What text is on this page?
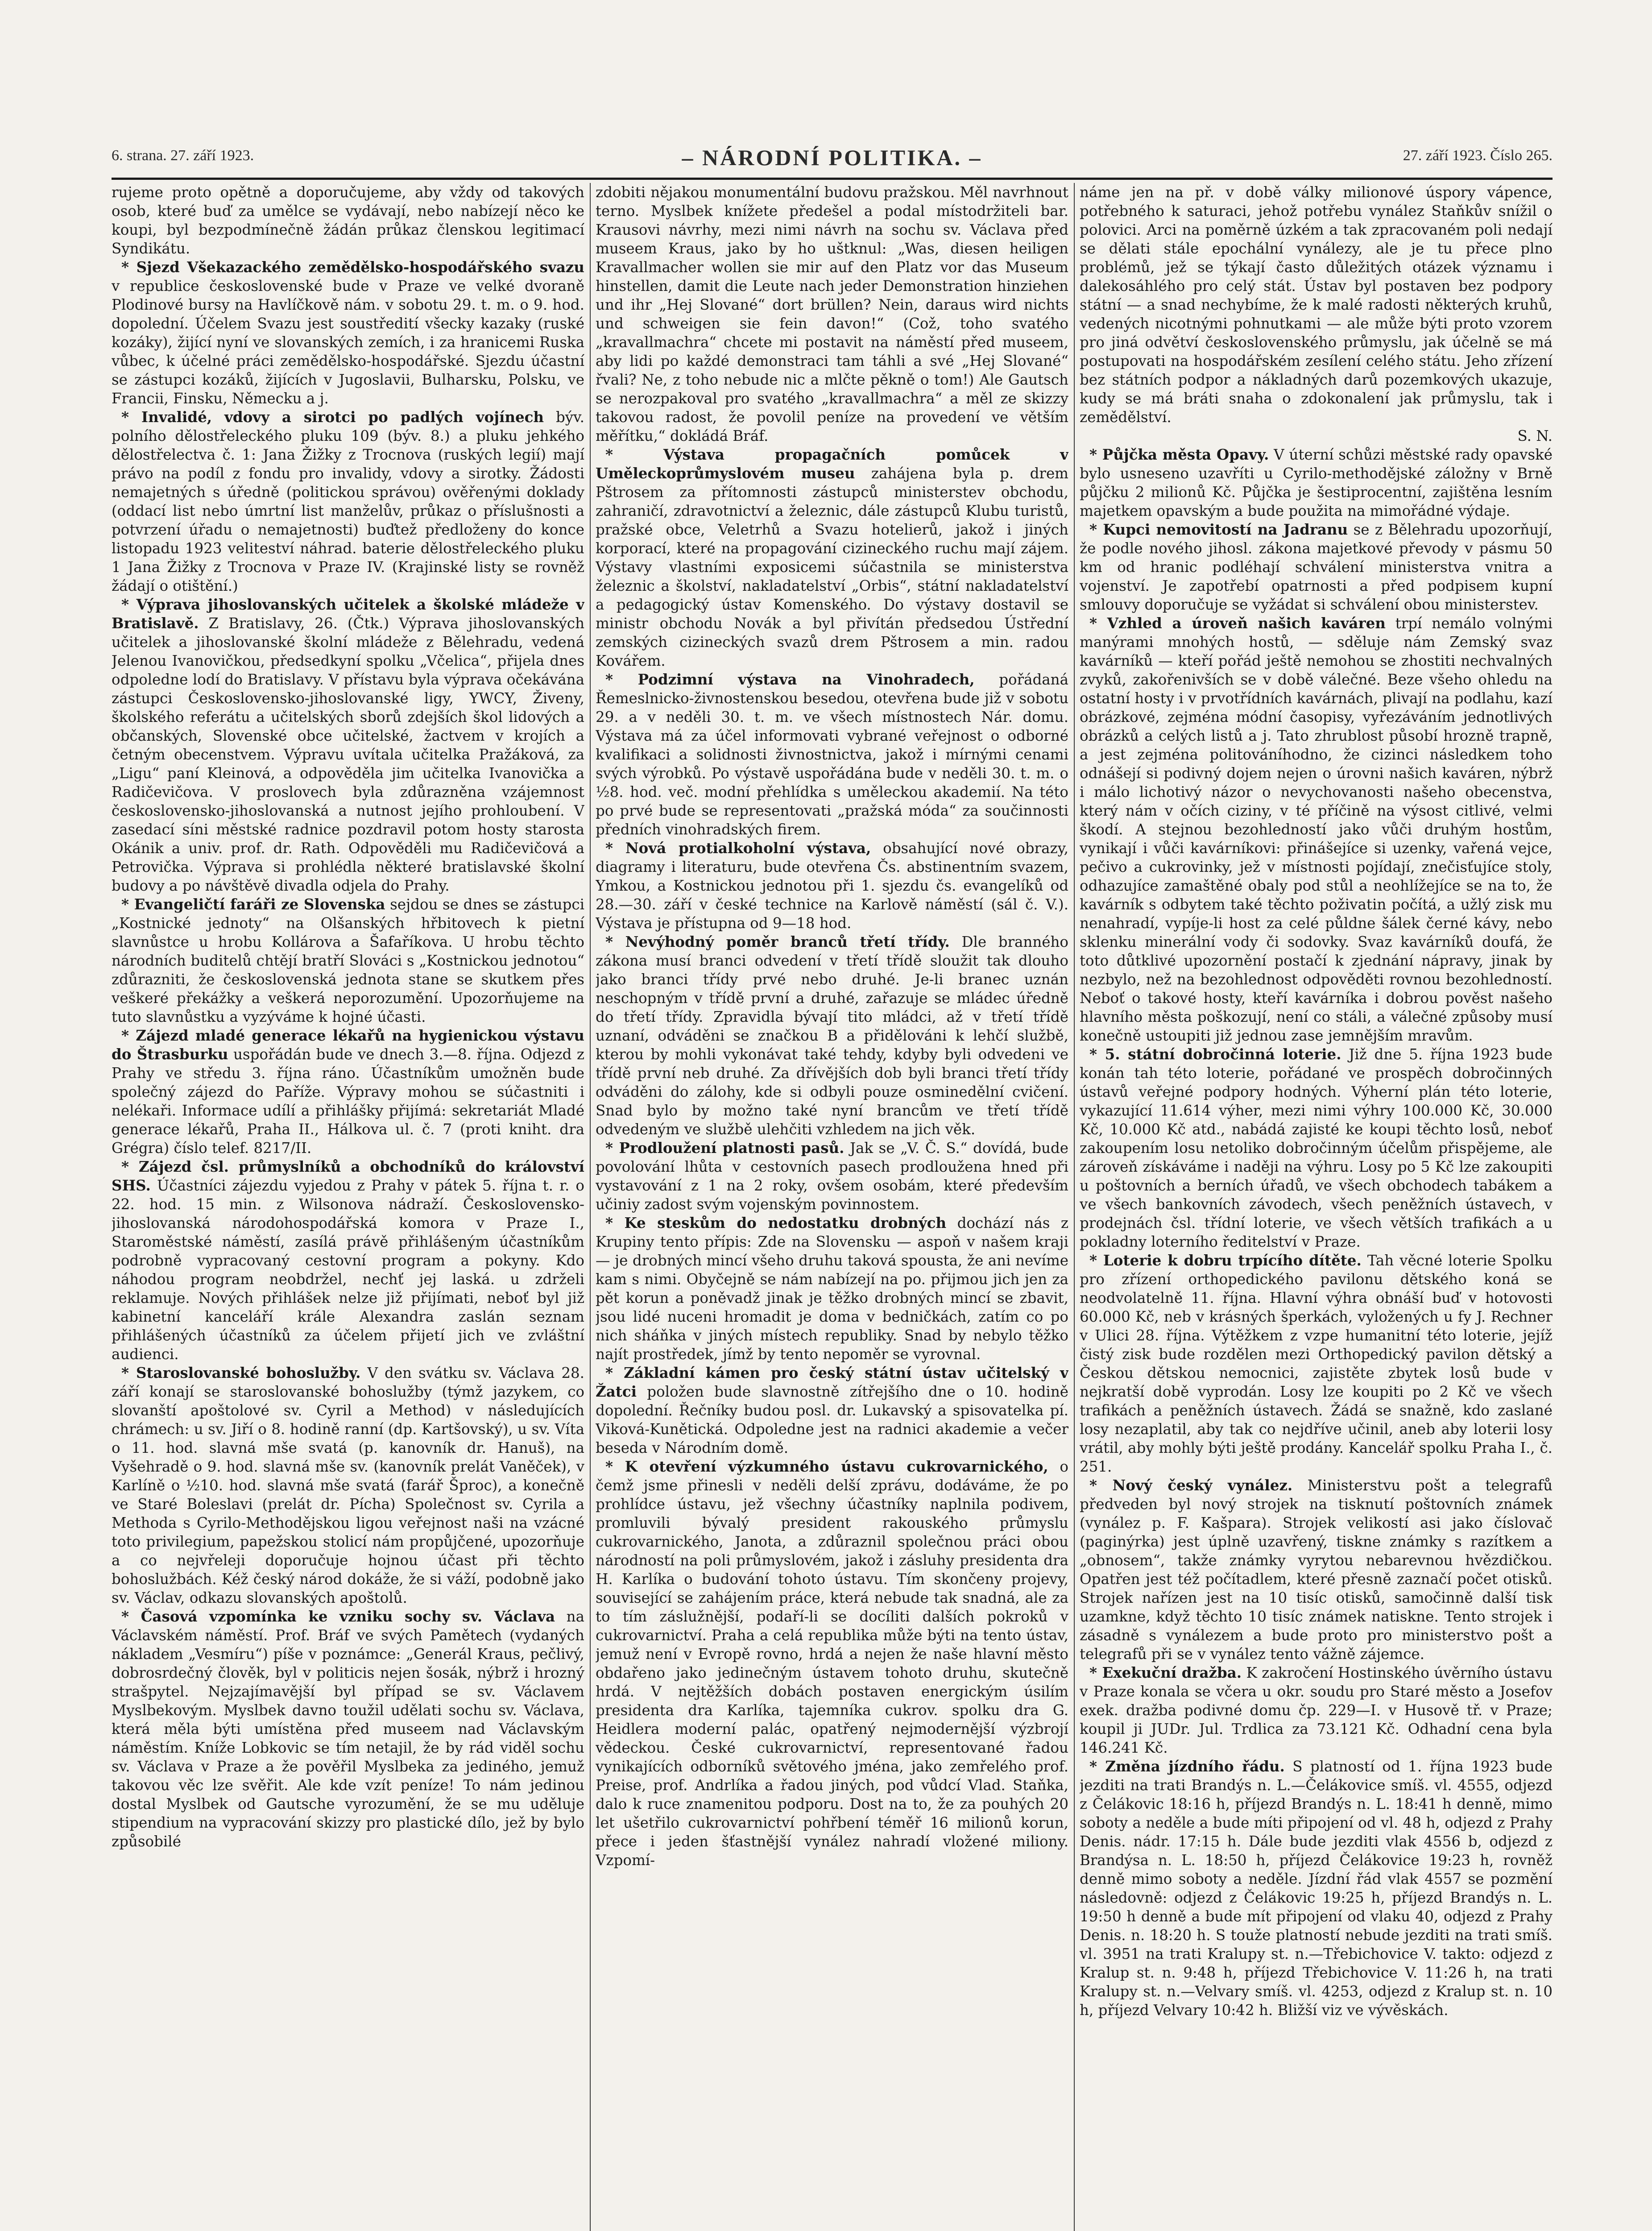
6. strana. 27. září 1923.	– NÁRODNÍ POLITIKA. –	27. září 1923. Číslo 265.

rujeme proto opětně a doporučujeme, aby vždy od takových osob, které buď za umělce se vydávají, nebo nabízejí něco ke koupi, byl bezpodmínečně žádán průkaz členskou legitimací Syndikátu.

* Sjezd Všekazackého zemědělsko-hospodářského svazu v republice československé bude v Praze ve velké dvoraně Plodinové bursy na Havlíčkově nám. v sobotu 29. t. m. o 9. hod. dopolední. Účelem Svazu jest soustředití všecky kazaky (ruské kozáky), žijící nyní ve slovanských zemích, i za hranicemi Ruska vůbec, k účelné práci zemědělsko-hospodářské. Sjezdu účastní se zástupci kozáků, žijících v Jugoslavii, Bulharsku, Polsku, ve Francii, Finsku, Německu a j.

* Invalidé, vdovy a sirotci po padlých vojínech býv. polního dělostřeleckého pluku 109 (býv. 8.) a pluku jehkého dělostřelectva č. 1: Jana Žižky z Trocnova (ruských legií) mají právo na podíl z fondu pro invalidy, vdovy a sirotky. Žádosti nemajetných s úředně (politickou správou) ověřenými doklady (oddací list nebo úmrtní list manželův, průkaz o příslušnosti a potvrzení úřadu o nemajetnosti) buďtež předloženy do konce listopadu 1923 veliteství náhrad. baterie dělostřeleckého pluku 1 Jana Žižky z Trocnova v Praze IV. (Krajinské listy se rovněž žádají o otištění.)

* Výprava jihoslovanských učitelek a školské mládeže v Bratislavě. Z Bratislavy, 26. (Čtk.) Výprava jihoslovanských učitelek a jihoslovanské školní mládeže z Bělehradu, vedená Jelenou Ivanovičkou, předsedkyní spolku „Včelica“, přijela dnes odpoledne lodí do Bratislavy. V přístavu byla výprava očekávána zástupci Československo-jihoslovanské ligy, YWCY, Živeny, školského referátu a učitelských sborů zdejších škol lidových a občanských, Slovenské obce učitelské, žactvem v krojích a četným obecenstvem. Výpravu uvítala učitelka Pražáková, za „Ligu“ paní Kleinová, a odpověděla jim učitelka Ivanovička a Radičevičova. V proslovech byla zdůrazněna vzájemnost československo-jihoslovanská a nutnost jejího prohloubení. V zasedací síni městské radnice pozdravil potom hosty starosta Okánik a univ. prof. dr. Rath. Odpověděli mu Radičevičová a Petrovička. Výprava si prohlédla některé bratislavské školní budovy a po návštěvě divadla odjela do Prahy.

* Evangeličtí faráři ze Slovenska sejdou se dnes se zástupci „Kostnické jednoty“ na Olšanských hřbitovech k pietní slavnůstce u hrobu Kollárova a Šafaříkova. U hrobu těchto národních buditelů chtějí bratří Slováci s „Kostnickou jednotou“ zdůrazniti, že československá jednota stane se skutkem přes veškeré překážky a veškerá neporozumění. Upozorňujeme na tuto slavnůstku a vyzýváme k hojné účasti.

* Zájezd mladé generace lékařů na hygienickou výstavu do Štrasburku uspořádán bude ve dnech 3.—8. října. Odjezd z Prahy ve středu 3. října ráno. Účastníkům umožněn bude společný zájezd do Paříže. Výpravy mohou se súčastniti i nelékaři. Informace udílí a přihlášky přijímá: sekretariát Mladé generace lékařů, Praha II., Hálkova ul. č. 7 (proti kniht. dra Grégra) číslo telef. 8217/II.

* Zájezd čsl. průmyslníků a obchodníků do království SHS. Účastníci zájezdu vyjedou z Prahy v pátek 5. října t. r. o 22. hod. 15 min. z Wilsonova nádraží. Československo-jihoslovanská národohospodářská komora v Praze I., Staroměstské náměstí, zasílá právě přihlášeným účastníkům podrobně vypracovaný cestovní program a pokyny. Kdo náhodou program neobdržel, nechť jej laská. u zdrželi reklamuje. Nových přihlášek nelze již přijímati, neboť byl již kabinetní kanceláří krále Alexandra zaslán seznam přihlášených účastníků za účelem přijetí jich ve zvláštní audienci.

* Staroslovanské bohoslužby. V den svátku sv. Václava 28. září konají se staroslovanské bohoslužby (týmž jazykem, co slovanští apoštolové sv. Cyril a Method) v následujících chrámech: u sv. Jiří o 8. hodině ranní (dp. Kartšovský), u sv. Víta o 11. hod. slavná mše svatá (p. kanovník dr. Hanuš), na Vyšehradě o 9. hod. slavná mše sv. (kanovník prelát Vaněček), v Karlíně o ½10. hod. slavná mše svatá (farář Šproc), a konečně ve Staré Boleslavi (prelát dr. Pícha) Společnost sv. Cyrila a Methoda s Cyrilo-Methodějskou ligou veřejnost naši na vzácné toto privilegium, papežskou stolicí nám propůjčené, upozorňuje a co nejvřeleji doporučuje hojnou účast při těchto bohoslužbách. Kéž český národ dokáže, že si váží, podobně jako sv. Václav, odkazu slovanských apoštolů.

* Časová vzpomínka ke vzniku sochy sv. Václava na Václavském náměstí. Prof. Bráf ve svých Pamětech (vydaných nákladem „Vesmíru“) píše v poznámce: „Generál Kraus, pečlivý, dobrosrdečný člověk, byl v politicis nejen šosák, nýbrž i hrozný strašpytel. Nejzajímavější byl případ se sv. Václavem Myslbekovým. Myslbek davno toužil udělati sochu sv. Václava, která měla býti umístěna před museem nad Václavským náměstím. Kníže Lobkovic se tím netajil, že by rád viděl sochu sv. Václava v Praze a že pověřil Myslbeka za jediného, jemuž takovou věc lze svěřit. Ale kde vzít peníze! To nám jedinou dostal Myslbek od Gautsche vyrozumění, že se mu uděluje stipendium na vypracování skizzy pro plastické dílo, jež by bylo způsobilé

zdobiti nějakou monumentální budovu pražskou. Měl navrhnout terno. Myslbek knížete předešel a podal místodržiteli bar. Krausovi návrhy, mezi nimi návrh na sochu sv. Václava před museem Kraus, jako by ho uštknul: „Was, diesen heiligen Kravallmacher wollen sie mir auf den Platz vor das Museum hinstellen, damit die Leute nach jeder Demonstration hinziehen und ihr „Hej Slované“ dort brüllen? Nein, daraus wird nichts und schweigen sie fein davon!“ (Což, toho svatého „kravallmachra“ chcete mi postavit na náměstí před museem, aby lidi po každé demonstraci tam táhli a své „Hej Slované“ řvali? Ne, z toho nebude nic a mlčte pěkně o tom!) Ale Gautsch se nerozpakoval pro svatého „kravallmachra“ a měl ze skizzy takovou radost, že povolil peníze na provedení ve větším měřítku,“ dokládá Bráf.

* Výstava propagačních pomůcek v Uměleckoprůmyslovém museu zahájena byla p. drem Pštrosem za přítomnosti zástupců ministerstev obchodu, zahraničí, zdravotnictví a železnic, dále zástupců Klubu turistů, pražské obce, Veletrhů a Svazu hotelierů, jakož i jiných korporací, které na propagování cizineckého ruchu mají zájem. Výstavy vlastními exposicemi súčastnila se ministerstva železnic a školství, nakladatelství „Orbis“, státní nakladatelství a pedagogický ústav Komenského. Do výstavy dostavil se ministr obchodu Novák a byl přivítán předsedou Ústřední zemských cizineckých svazů drem Pštrosem a min. radou Kovářem.

* Podzimní výstava na Vinohradech, pořádaná Řemeslnicko-živnostenskou besedou, otevřena bude již v sobotu 29. a v neděli 30. t. m. ve všech místnostech Nár. domu. Výstava má za účel informovati vybrané veřejnost o odborné kvalifikaci a solidnosti živnostnictva, jakož i mírnými cenami svých výrobků. Po výstavě uspořádána bude v neděli 30. t. m. o ½8. hod. več. modní přehlídka s uměleckou akademií. Na této po prvé bude se representovati „pražská móda“ za součinnosti předních vinohradských firem.

* Nová protialkoholní výstava, obsahující nové obrazy, diagramy i literaturu, bude otevřena Čs. abstinentním svazem, Ymkou, a Kostnickou jednotou při 1. sjezdu čs. evangelíků od 28.—30. září v české technice na Karlově náměstí (sál č. V.). Výstava je přístupna od 9—18 hod.

* Nevýhodný poměr branců třetí třídy. Dle branného zákona musí branci odvedení v třetí třídě sloužit tak dlouho jako branci třídy prvé nebo druhé. Je-li branec uznán neschopným v třídě první a druhé, zařazuje se mládec úředně do třetí třídy. Zpravidla bývají tito mládci, až v třetí třídě uznaní, odváděni se značkou B a přidělováni k lehčí službě, kterou by mohli vykonávat také tehdy, kdyby byli odvedeni ve třídě první neb druhé. Za dřívějších dob byli branci třetí třídy odváděni do zálohy, kde si odbyli pouze osminedělní cvičení. Snad bylo by možno také nyní brancům ve třetí třídě odvedeným ve službě ulehčiti vzhledem na jich věk.

* Prodloužení platnosti pasů. Jak se „V. Č. S.“ dovídá, bude povolování lhůta v cestovních pasech prodloužena hned při vystavování z 1 na 2 roky, ovšem osobám, které především učiniy zadost svým vojenským povinnostem.

* Ke steskům do nedostatku drobných dochází nás z Krupiny tento přípis: Zde na Slovensku — aspoň v našem kraji — je drobných mincí všeho druhu taková spousta, že ani nevíme kam s nimi. Obyčejně se nám nabízejí na po. přijmou jich jen za pět korun a poněvadž jinak je těžko drobných mincí se zbavit, jsou lidé nuceni hromadit je doma v bedničkách, zatím co po nich sháňka v jiných místech republiky. Snad by nebylo těžko najít prostředek, jímž by tento nepoměr se vyrovnal.

* Základní kámen pro český státní ústav učitelský v Žatci položen bude slavnostně zítřejšího dne o 10. hodině dopolední. Řečníky budou posl. dr. Lukavský a spisovatelka pí. Viková-Kunětická. Odpoledne jest na radnici akademie a večer beseda v Národním domě.

* K otevření výzkumného ústavu cukrovarnického, o čemž jsme přinesli v neděli delší zprávu, dodáváme, že po prohlídce ústavu, jež všechny účastníky naplnila podivem, promluvili bývalý president rakouského průmyslu cukrovarnického, Janota, a zdůraznil společnou práci obou národností na poli průmyslovém, jakož i zásluhy presidenta dra H. Karlíka o budování tohoto ústavu. Tím skončeny projevy, související se zahájením práce, která nebude tak snadná, ale za to tím záslužnější, podaří-li se docíliti dalších pokroků v cukrovarnictví. Praha a celá republika může býti na tento ústav, jemuž není v Evropě rovno, hrdá a nejen že naše hlavní město obdařeno jako jedinečným ústavem tohoto druhu, skutečně hrdá. V nejtěžších dobách postaven energickým úsilím presidenta dra Karlíka, tajemníka cukrov. spolku dra G. Heidlera moderní palác, opatřený nejmodernější výzbrojí vědeckou. České cukrovarnictví, representované řadou vynikajících odborníků světového jména, jako zemřelého prof. Preise, prof. Andrlíka a řadou jiných, pod vůdcí Vlad. Staňka, dalo k ruce znamenitou podporu. Dost na to, že za pouhých 20 let ušetřilo cukrovarnictví pohřbení téměř 16 milionů korun, přece i jeden šťastnější vynález nahradí vložené miliony. Vzpomí-

náme jen na př. v době války milionové úspory vápence, potřebného k saturaci, jehož potřebu vynález Staňkův snížil o polovici. Arci na poměrně úzkém a tak zpracovaném poli nedají se dělati stále epochální vynálezy, ale je tu přece plno problémů, jež se týkají často důležitých otázek významu i dalekosáhlého pro celý stát. Ústav byl postaven bez podpory státní — a snad nechybíme, že k malé radosti některých kruhů, vedených nicotnými pohnutkami — ale může býti proto vzorem pro jiná odvětví československého průmyslu, jak účelně se má postupovati na hospodářském zesílení celého státu. Jeho zřízení bez státních podpor a nákladných darů pozemkových ukazuje, kudy se má bráti snaha o zdokonalení jak průmyslu, tak i zemědělství.

S. N.

* Půjčka města Opavy. V úterní schůzi městské rady opavské bylo usneseno uzavříti u Cyrilo-methodějské záložny v Brně půjčku 2 milionů Kč. Půjčka je šestiprocentní, zajištěna lesním majetkem opavským a bude použita na mimořádné výdaje.

* Kupci nemovitostí na Jadranu se z Bělehradu upozorňují, že podle nového jihosl. zákona majetkové převody v pásmu 50 km od hranic podléhají schválení ministerstva vnitra a vojenství. Je zapotřebí opatrnosti a před podpisem kupní smlouvy doporučuje se vyžádat si schválení obou ministerstev.

* Vzhled a úroveň našich kaváren trpí nemálo volnými manýrami mnohých hostů, — sděluje nám Zemský svaz kavárníků — kteří pořád ještě nemohou se zhostiti nechvalných zvyků, zakořenivších se v době válečné. Beze všeho ohledu na ostatní hosty i v prvotřídních kavárnách, plivají na podlahu, kazí obrázkové, zejména módní časopisy, vyřezáváním jednotlivých obrázků a celých listů a j. Tato zhrublost působí hrozně trapně, a jest zejména politováníhodno, že cizinci následkem toho odnášejí si podivný dojem nejen o úrovni našich kaváren, nýbrž i málo lichotivý názor o nevychovanosti našeho obecenstva, který nám v očích ciziny, v té příčině na výsost citlivé, velmi škodí. A stejnou bezohledností jako vůči druhým hostům, vynikají i vůči kavárníkovi: přinášejíce si uzenky, vařená vejce, pečivo a cukrovinky, jež v místnosti pojídají, znečisťujíce stoly, odhazujíce zamaštěné obaly pod stůl a neohlížejíce se na to, že kavárník s odbytem také těchto poživatin počítá, a užlý zisk mu nenahradí, vypíje-li host za celé půldne šálek černé kávy, nebo sklenku minerální vody či sodovky. Svaz kavárníků doufá, že toto důtklivé upozornění postačí k zjednání nápravy, jinak by nezbylo, než na bezohlednost odpověděti rovnou bezohledností. Neboť o takové hosty, kteří kavárníka i dobrou pověst našeho hlavního města poškozují, není co stáli, a válečné způsoby musí konečně ustoupiti již jednou zase jemnějším mravům.

* 5. státní dobročinná loterie. Již dne 5. října 1923 bude konán tah této loterie, pořádané ve prospěch dobročinných ústavů veřejné podpory hodných. Výherní plán této loterie, vykazující 11.614 výher, mezi nimi výhry 100.000 Kč, 30.000 Kč, 10.000 Kč atd., nabádá zajisté ke koupi těchto losů, neboť zakoupením losu netoliko dobročinným účelům přispějeme, ale zároveň získáváme i naději na výhru. Losy po 5 Kč lze zakoupiti u poštovních a berních úřadů, ve všech obchodech tabákem a ve všech bankovních závodech, všech peněžních ústavech, v prodejnách čsl. třídní loterie, ve všech větších trafikách a u pokladny loterního ředitelství v Praze.

* Loterie k dobru trpícího dítěte. Tah věcné loterie Spolku pro zřízení orthopedického pavilonu dětského koná se neodvolatelně 11. října. Hlavní výhra obnáší buď v hotovosti 60.000 Kč, neb v krásných šperkách, vyložených u fy J. Rechner v Ulici 28. října. Výtěžkem z vzpe humanitní této loterie, jejíž čistý zisk bude rozdělen mezi Orthopedický pavilon dětský a Českou dětskou nemocnici, zajistěte zbytek losů bude v nejkratší době vyprodán. Losy lze koupiti po 2 Kč ve všech trafikách a peněžních ústavech. Žádá se snažně, kdo zaslané losy nezaplatil, aby tak co nejdříve učinil, aneb aby loterii losy vrátil, aby mohly býti ještě prodány. Kancelář spolku Praha I., č. 251.

* Nový český vynález. Ministerstvu pošt a telegrafů předveden byl nový strojek na tisknutí poštovních známek (vynález p. F. Kašpara). Strojek velikostí asi jako číslovač (paginýrka) jest úplně uzavřený, tiskne známky s razítkem a „obnosem“, takže známky vyrytou nebarevnou hvězdičkou. Opatřen jest též počítadlem, které přesně zaznačí počet otisků. Strojek nařízen jest na 10 tisíc otisků, samočinně další tisk uzamkne, když těchto 10 tisíc známek natiskne. Tento strojek i zásadně s vynálezem a bude proto pro ministerstvo pošt a telegrafů při se v vynález tento vážně zájemce.

* Exekuční dražba. K zakročení Hostinského úvěrního ústavu v Praze konala se včera u okr. soudu pro Staré město a Josefov exek. dražba podivné domu čp. 229—I. v Husově tř. v Praze; koupil ji JUDr. Jul. Trdlica za 73.121 Kč. Odhadní cena byla 146.241 Kč.

* Změna jízdního řádu. S platností od 1. října 1923 bude jezditi na trati Brandýs n. L.—Čelákovice smíš. vl. 4555, odjezd z Čelákovic 18:16 h, příjezd Brandýs n. L. 18:41 h denně, mimo soboty a neděle a bude míti připojení od vl. 48 h, odjezd z Prahy Denis. nádr. 17:15 h. Dále bude jezditi vlak 4556 b, odjezd z Brandýsa n. L. 18:50 h, příjezd Čelákovice 19:23 h, rovněž denně mimo soboty a neděle. Jízdní řád vlak 4557 se pozmění následovně: odjezd z Čelákovic 19:25 h, příjezd Brandýs n. L. 19:50 h denně a bude mít připojení od vlaku 40, odjezd z Prahy Denis. n. 18:20 h. S touže platností nebude jezditi na trati smíš. vl. 3951 na trati Kralupy st. n.—Třebichovice V. takto: odjezd z Kralup st. n. 9:48 h, příjezd Třebichovice V. 11:26 h, na trati Kralupy st. n.—Velvary smíš. vl. 4253, odjezd z Kralup st. n. 10 h, příjezd Velvary 10:42 h. Bližší viz ve vývěskách.
